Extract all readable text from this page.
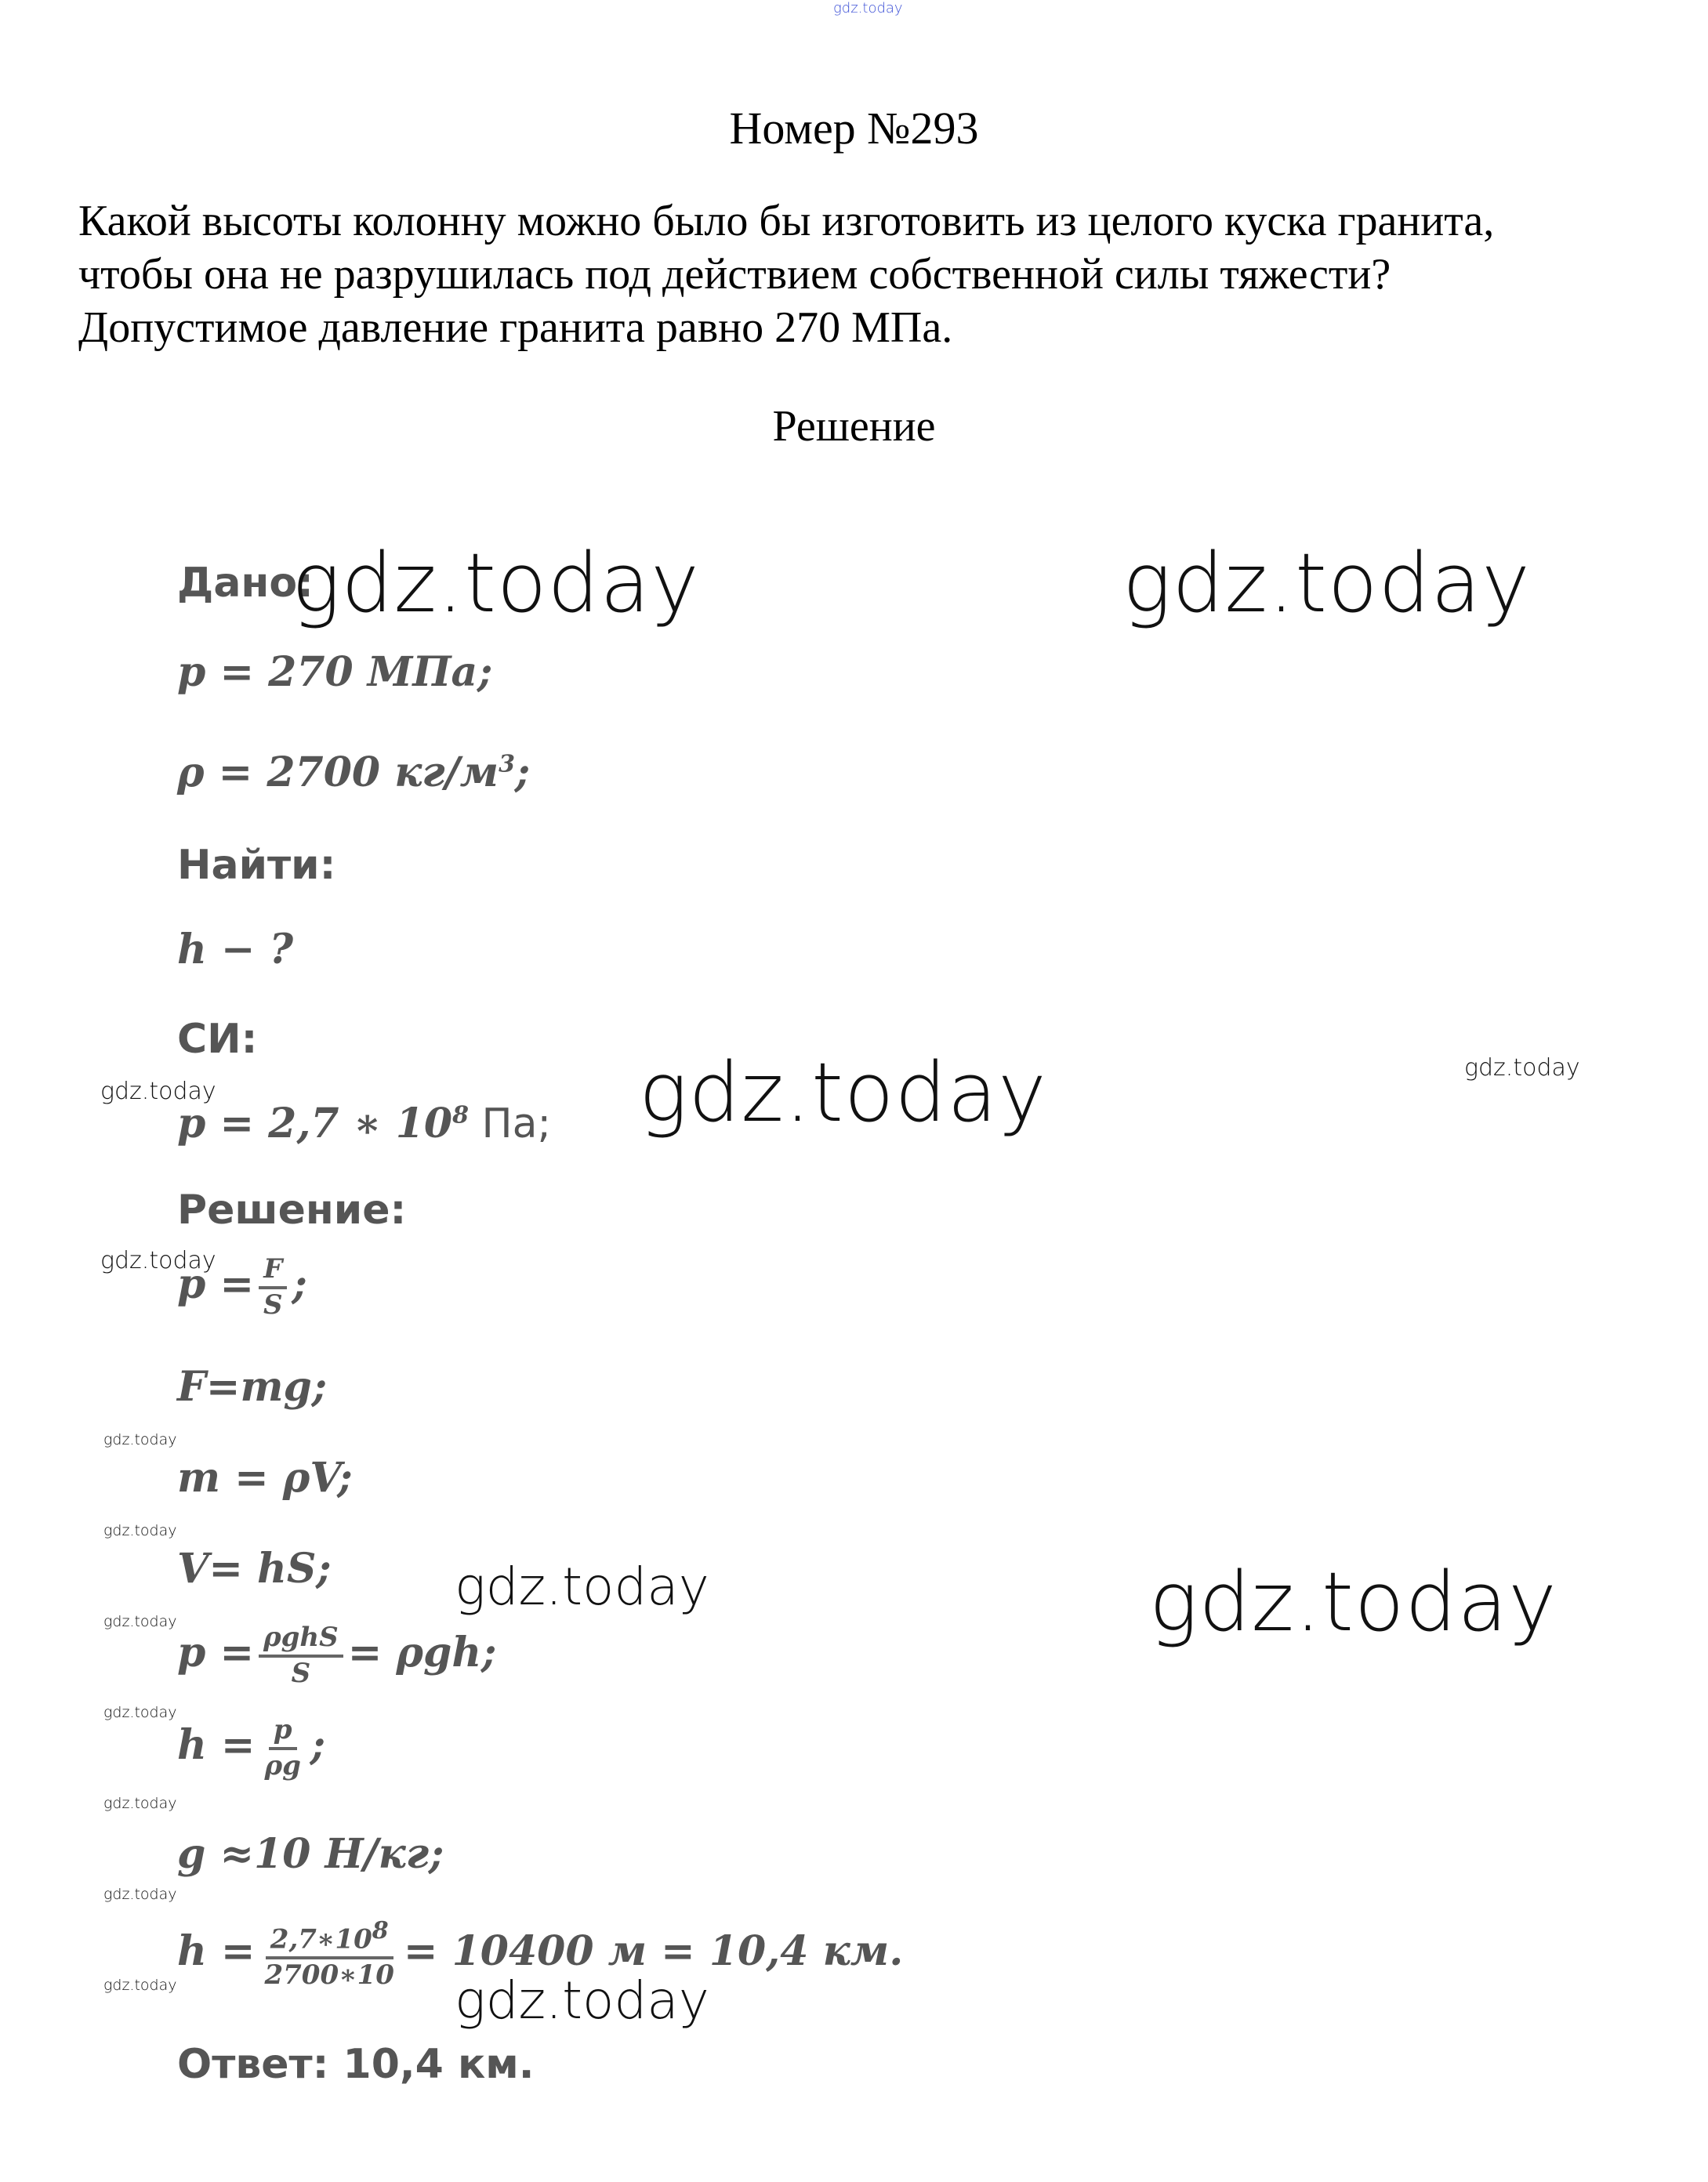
gdz.today
Номер №293
Какой высоты колонну можно было бы изготовить из целого куска гранита,
чтобы она не разрушилась под действием собственной силы тяжести?
Допустимое давление гранита равно 270 МПа.
Решение
Дано:
p = 270 МПа;
ρ = 2700 $кг/м^3$;
Найти:
h − ?
СИ:
p = 2,7 ∗ $10^8$ Па;
Решение:
$p = \frac{F}{S}$ ;
F=mg;
m = ρV;
V= hS;
$p = \frac{\text{ρghS}}{S} = \rho gh$;
$h = \frac{p}{\rho g}$ ;
g ≈10 Н/кг;
$h = \frac{2,7∗10^8}{2700∗10} = 10400$ м = 10,4 км.
Ответ: 10,4 км.
gdz.today	gdz.today
gdz.today
gdz.today
gdz.today
gdz.today
gdz.today
gdz.today
gdz.today
gdz.today
gdz.today
gdz.today
gdz.today
gdz.today	gdz.today
gdz.today
